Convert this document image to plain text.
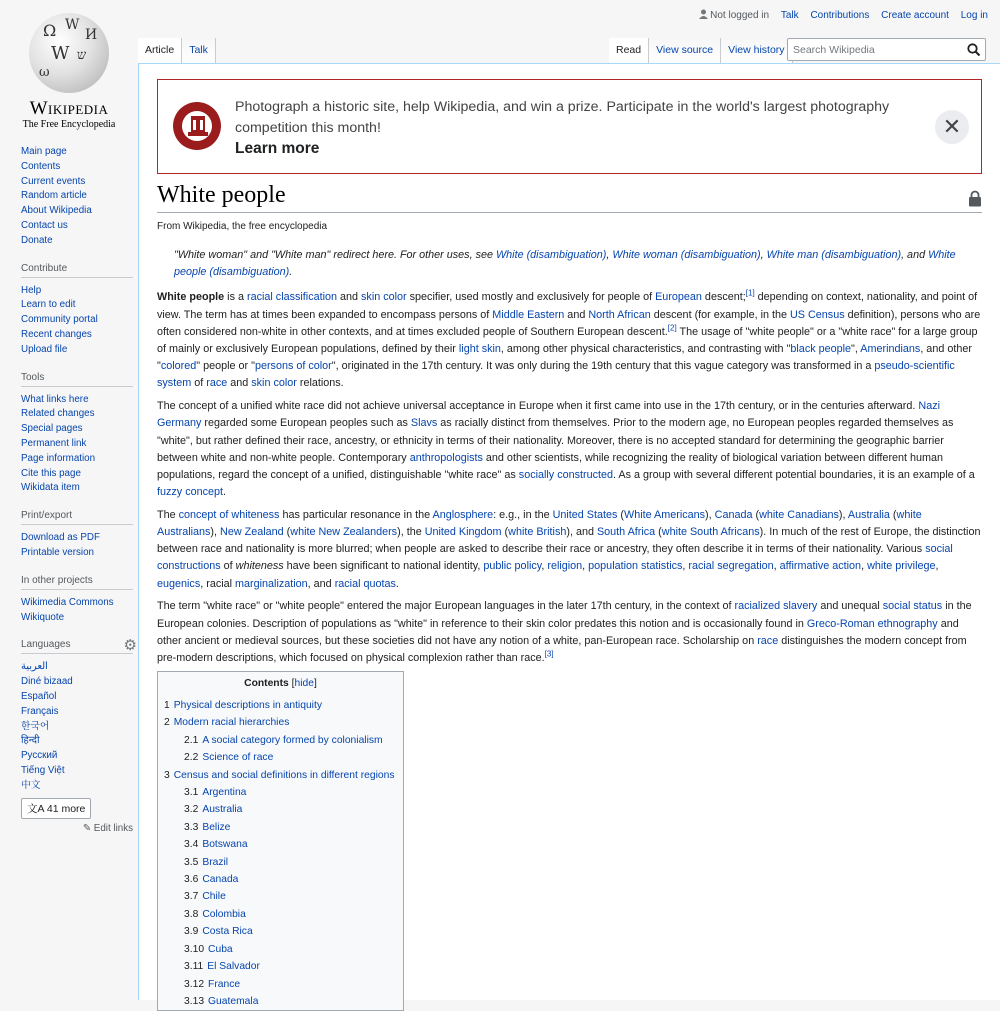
Ω W
И
W ש
ω
Wikipedia
The Free Encyclopedia
Not logged in Talk Contributions Create account Log in
Article	Talk	Read	View source	View history Search Wikipedia
Main page
Contents
Current events
Random article
About Wikipedia
Contact us
Donate
Contribute
Help
Learn to edit
Community portal
Recent changes
Upload file
Tools
What links here
Related changes
Special pages
Permanent link
Page information
Cite this page
Wikidata item
Print/export
Download as PDF
Printable version
In other projects
Wikimedia Commons
Wikiquote
Languages	⚙
العربية
Diné bizaad
Español
Français
한국어
हिन्दी
Русский
Tiếng Việt
中文
文A 41 more
✎ Edit links
Photograph a historic site, help Wikipedia, and win a prize. Participate in the world's largest photography competition this month!
Learn more
✕
White people
From Wikipedia, the free encyclopedia
"White woman" and "White man" redirect here. For other uses, see White (disambiguation), White woman (disambiguation), White man (disambiguation), and White people (disambiguation).

White people is a racial classification and skin color specifier, used mostly and exclusively for people of European descent;[1] depending on context, nationality, and point of view. The term has at times been expanded to encompass persons of Middle Eastern and North African descent (for example, in the US Census definition), persons who are often considered non-white in other contexts, and at times excluded people of Southern European descent.[2] The usage of "white people" or a "white race" for a large group of mainly or exclusively European populations, defined by their light skin, among other physical characteristics, and contrasting with "black people", Amerindians, and other "colored" people or "persons of color", originated in the 17th century. It was only during the 19th century that this vague category was transformed in a pseudo-scientific system of race and skin color relations.

The concept of a unified white race did not achieve universal acceptance in Europe when it first came into use in the 17th century, or in the centuries afterward. Nazi Germany regarded some European peoples such as Slavs as racially distinct from themselves. Prior to the modern age, no European peoples regarded themselves as "white", but rather defined their race, ancestry, or ethnicity in terms of their nationality. Moreover, there is no accepted standard for determining the geographic barrier between white and non-white people. Contemporary anthropologists and other scientists, while recognizing the reality of biological variation between different human populations, regard the concept of a unified, distinguishable "white race" as socially constructed. As a group with several different potential boundaries, it is an example of a fuzzy concept.

The concept of whiteness has particular resonance in the Anglosphere: e.g., in the United States (White Americans), Canada (white Canadians), Australia (white Australians), New Zealand (white New Zealanders), the United Kingdom (white British), and South Africa (white South Africans). In much of the rest of Europe, the distinction between race and nationality is more blurred; when people are asked to describe their race or ancestry, they often describe it in terms of their nationality. Various social constructions of whiteness have been significant to national identity, public policy, religion, population statistics, racial segregation, affirmative action, white privilege, eugenics, racial marginalization, and racial quotas.

The term "white race" or "white people" entered the major European languages in the later 17th century, in the context of racialized slavery and unequal social status in the European colonies. Description of populations as "white" in reference to their skin color predates this notion and is occasionally found in Greco-Roman ethnography and other ancient or medieval sources, but these societies did not have any notion of a white, pan-European race. Scholarship on race distinguishes the modern concept from pre-modern descriptions, which focused on physical complexion rather than race.[3]

Contents [hide]
1 Physical descriptions in antiquity
2 Modern racial hierarchies
2.1 A social category formed by colonialism
2.2 Science of race
3 Census and social definitions in different regions
3.1 Argentina
3.2 Australia
3.3 Belize
3.4 Botswana
3.5 Brazil
3.6 Canada
3.7 Chile
3.8 Colombia
3.9 Costa Rica
3.10 Cuba
3.11 El Salvador
3.12 France
3.13 Guatemala
